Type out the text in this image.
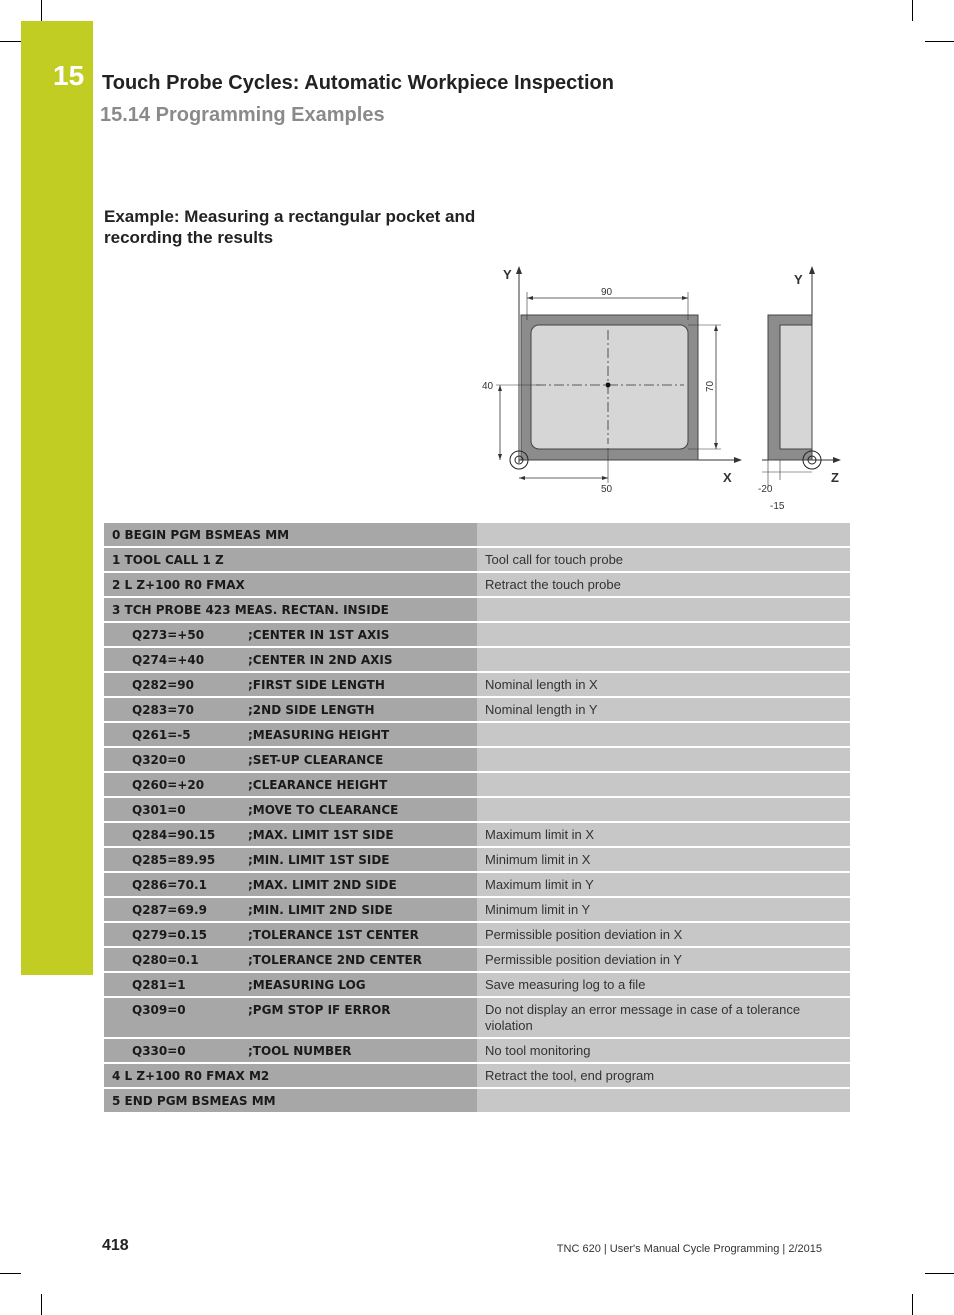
15 Touch Probe Cycles: Automatic Workpiece Inspection
15.14 Programming Examples
Example: Measuring a rectangular pocket and recording the results
Y
X
90
70
40
50
Y
Z
-20
-15
0 BEGIN PGM BSMEAS MM	
1 TOOL CALL 1 Z	Tool call for touch probe
2 L Z+100 R0 FMAX	Retract the touch probe
3 TCH PROBE 423 MEAS. RECTAN. INSIDE	
Q273=+50 ;CENTER IN 1ST AXIS	
Q274=+40 ;CENTER IN 2ND AXIS	
Q282=90 ;FIRST SIDE LENGTH	Nominal length in X
Q283=70 ;2ND SIDE LENGTH	Nominal length in Y
Q261=-5 ;MEASURING HEIGHT	
Q320=0 ;SET-UP CLEARANCE	
Q260=+20 ;CLEARANCE HEIGHT	
Q301=0 ;MOVE TO CLEARANCE	
Q284=90.15 ;MAX. LIMIT 1ST SIDE	Maximum limit in X
Q285=89.95 ;MIN. LIMIT 1ST SIDE	Minimum limit in X
Q286=70.1 ;MAX. LIMIT 2ND SIDE	Maximum limit in Y
Q287=69.9 ;MIN. LIMIT 2ND SIDE	Minimum limit in Y
Q279=0.15 ;TOLERANCE 1ST CENTER	Permissible position deviation in X
Q280=0.1 ;TOLERANCE 2ND CENTER	Permissible position deviation in Y
Q281=1 ;MEASURING LOG	Save measuring log to a file
Q309=0 ;PGM STOP IF ERROR	Do not display an error message in case of a tolerance violation
Q330=0 ;TOOL NUMBER	No tool monitoring
4 L Z+100 R0 FMAX M2	Retract the tool, end program
5 END PGM BSMEAS MM	
418	TNC 620 | User's Manual Cycle Programming | 2/2015
